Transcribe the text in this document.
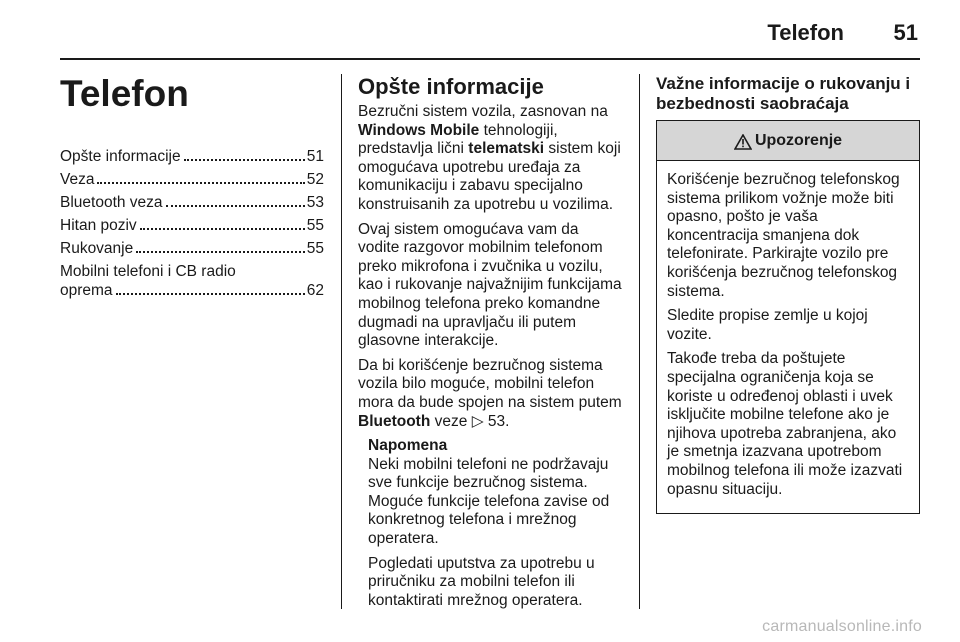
Telefon 51
Telefon
Opšte informacije	51
Veza	52
Bluetooth veza	53
Hitan poziv	55
Rukovanje	55
Mobilni telefoni i CB radio
oprema	62
Opšte informacije

Bezručni sistem vozila, zasnovan na Windows Mobile tehnologiji, predstavlja lični telematski sistem koji omogućava upotrebu uređaja za komunikaciju i zabavu specijalno konstruisanih za upotrebu u vozilima.

Ovaj sistem omogućava vam da vodite razgovor mobilnim telefonom preko mikrofona i zvučnika u vozilu, kao i rukovanje najvažnijim funkcijama mobilnog telefona preko komandne dugmadi na upravljaču ili putem glasovne interakcije.

Da bi korišćenje bezručnog sistema vozila bilo moguće, mobilni telefon mora da bude spojen na sistem putem Bluetooth veze ▷ 53.

Napomena

Neki mobilni telefoni ne podržavaju sve funkcije bezručnog sistema. Moguće funkcije telefona zavise od konkretnog telefona i mrežnog operatera.

Pogledati uputstva za upotrebu u priručniku za mobilni telefon ili kontaktirati mrežnog operatera.

Važne informacije o rukovanju i bezbednosti saobraćaja
Upozorenje

Korišćenje bezručnog telefonskog sistema prilikom vožnje može biti opasno, pošto je vaša koncentracija smanjena dok telefonirate. Parkirajte vozilo pre korišćenja bezručnog telefonskog sistema.

Sledite propise zemlje u kojoj vozite.

Takođe treba da poštujete specijalna ograničenja koja se koriste u određenoj oblasti i uvek isključite mobilne telefone ako je njihova upotreba zabranjena, ako je smetnja izazvana upotrebom mobilnog telefona ili može izazvati opasnu situaciju.

carmanualsonline.info
